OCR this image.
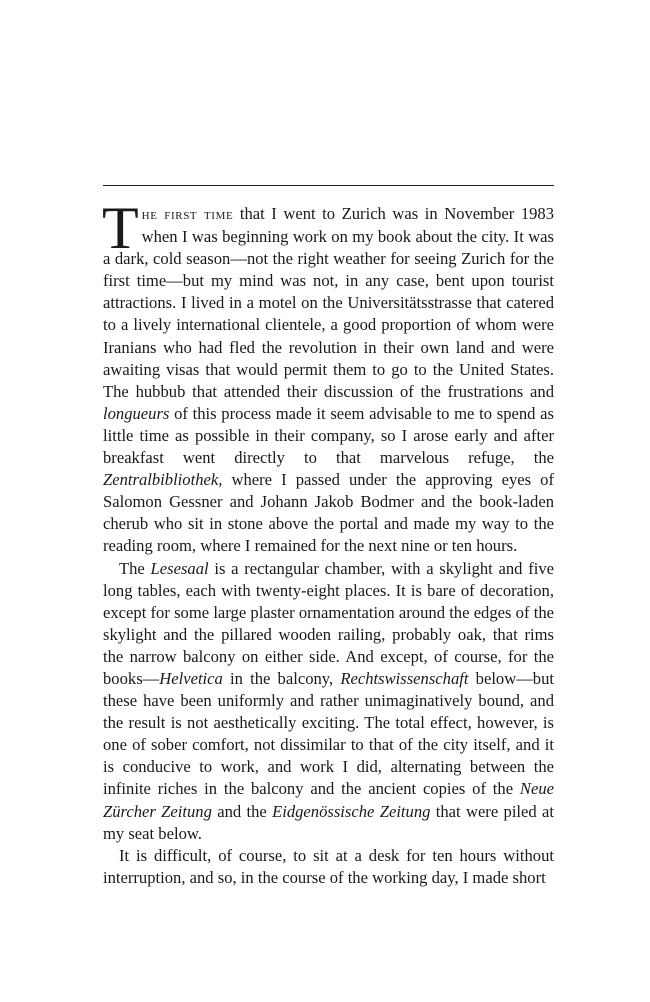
The first time that I went to Zurich was in November 1983 when I was beginning work on my book about the city. It was a dark, cold season—not the right weather for seeing Zurich for the first time—but my mind was not, in any case, bent upon tourist attractions. I lived in a motel on the Universitätsstrasse that catered to a lively international clientele, a good proportion of whom were Iranians who had fled the revolution in their own land and were awaiting visas that would permit them to go to the United States. The hubbub that attended their discussion of the frustrations and longueurs of this process made it seem advisable to me to spend as little time as possible in their company, so I arose early and after breakfast went directly to that marvelous refuge, the Zentralbibliothek, where I passed under the approving eyes of Salomon Gessner and Johann Jakob Bodmer and the book-laden cherub who sit in stone above the portal and made my way to the reading room, where I remained for the next nine or ten hours.

The Lesesaal is a rectangular chamber, with a skylight and five long tables, each with twenty-eight places. It is bare of decoration, except for some large plaster ornamentation around the edges of the skylight and the pillared wooden railing, probably oak, that rims the narrow balcony on either side. And except, of course, for the books—Helvetica in the balcony, Rechtswissenschaft below—but these have been uniformly and rather unimaginatively bound, and the result is not aesthetically exciting. The total effect, however, is one of sober comfort, not dissimilar to that of the city itself, and it is conducive to work, and work I did, alternating between the infinite riches in the balcony and the ancient copies of the Neue Zürcher Zeitung and the Eidgenössische Zeitung that were piled at my seat below.

It is difficult, of course, to sit at a desk for ten hours without interruption, and so, in the course of the working day, I made short
